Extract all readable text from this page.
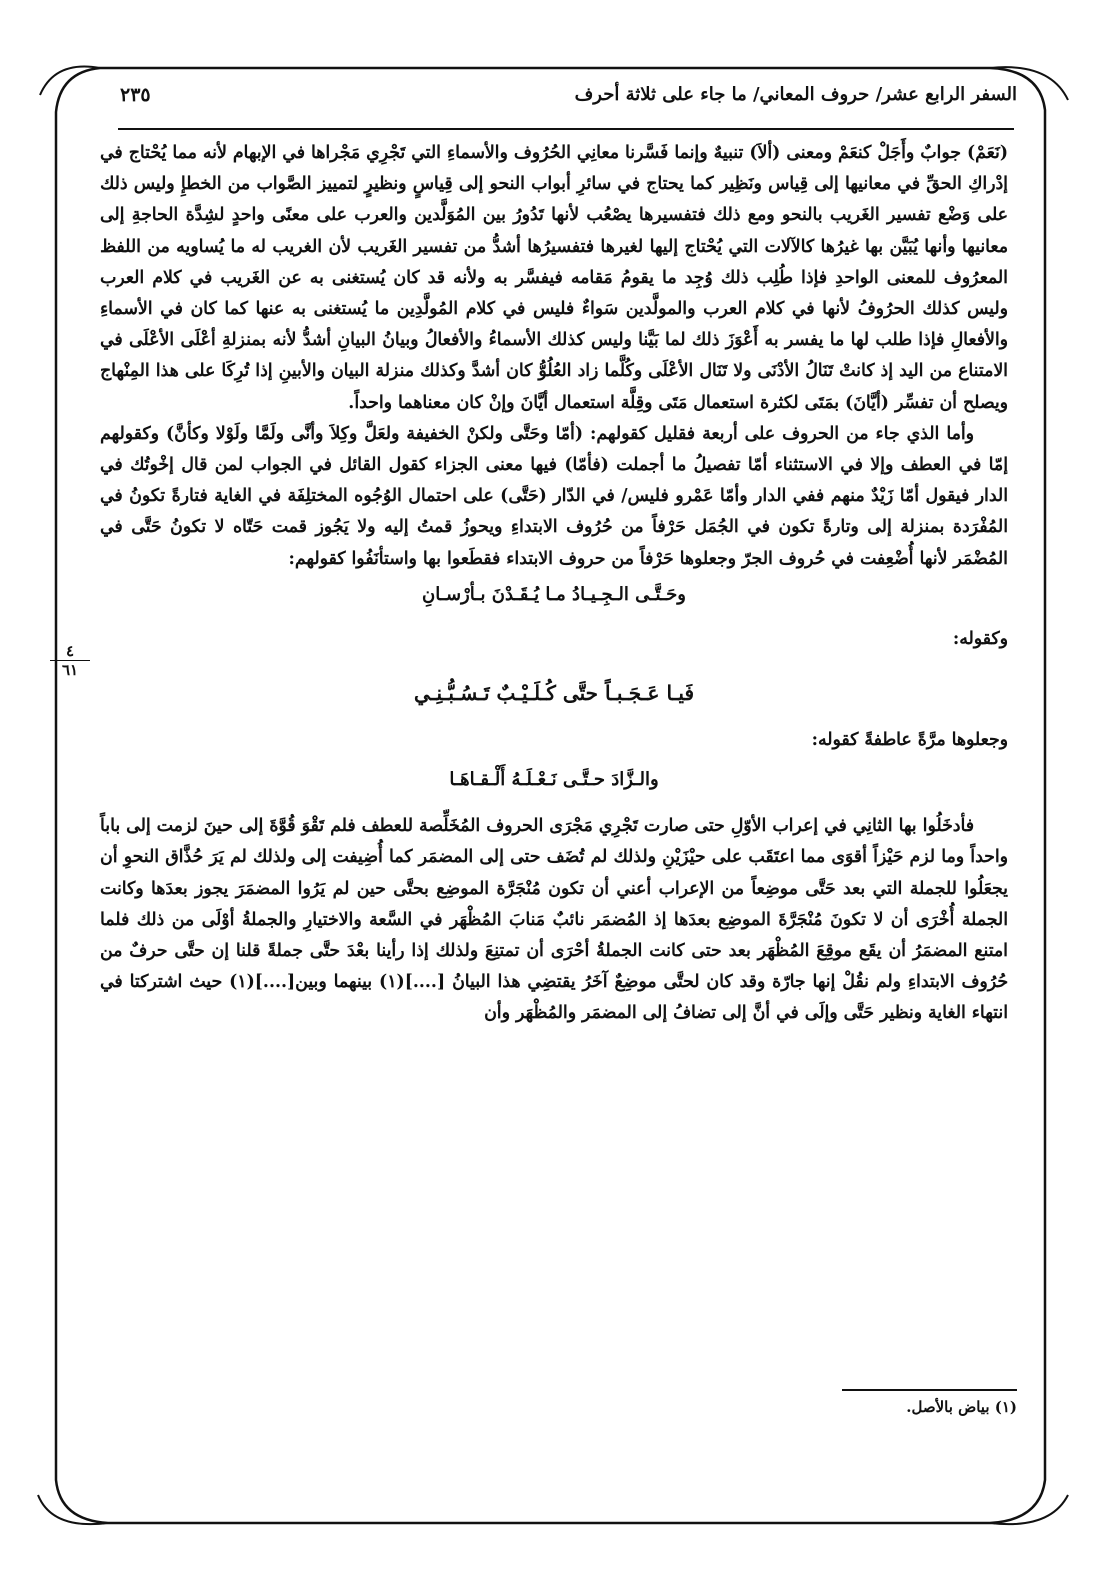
٢٣٥	السفر الرابع عشر/ حروف المعاني/ ما جاء على ثلاثة أحرف

(نَعَمْ) جوابٌ وأَجَلْ كنعَمْ ومعنى (ألاَ) تنبيهٌ وإنما فَسَّرنا معانِي الحُرُوف والأسماءِ التي تَجْرِي مَجْراها في الإبهام لأنه مما يُحْتاج في إدْراكِ الحقِّ في معانيها إلى قِياس ونَظِير كما يحتاج في سائرِ أبواب النحو إلى قِياسٍ ونظيرٍ لتمييز الصَّواب من الخطإِ وليس ذلك على وَضْع تفسير الغَريب بالنحو ومع ذلك فتفسيرها يصْعُب لأنها تَدُورُ بين المُوَلَّدين والعرب على معنًى واحدٍ لشِدَّة الحاجةِ إلى معانيها وأنها يُبَيَّن بها غيرُها كالآلات التي يُحْتاج إليها لغيرها فتفسيرُها أشدُّ من تفسير الغَريب لأن الغريب له ما يُساويه من اللفظ المعرُوف للمعنى الواحدِ فإذا طُلِب ذلك وُجِد ما يقومُ مَقامه فيفسَّر به ولأنه قد كان يُستغنى به عن الغَريب في كلام العرب وليس كذلك الحرُوفُ لأنها في كلام العرب والمولَّدين سَواءٌ فليس في كلام المُولَّدِين ما يُستغنى به عنها كما كان في الأسماءِ والأفعالِ فإذا طلب لها ما يفسر به أَعْوَزَ ذلك لما بَيَّنا وليس كذلك الأسماءُ والأفعالُ وبيانُ البيانِ أشدُّ لأنه بمنزلةِ أعْلَى الأعْلَى في الامتناع من اليد إذ كانتْ تَنَالُ الأدْنَى ولا تَنَال الأعْلَى وكُلَّما زاد العُلُوُّ كان أشدَّ وكذلك منزلة البيان والأبينِ إذا تُرِكَا على هذا المِنْهاج ويصلح أن تفسِّر (أيَّانَ) بمَتَى لكثرة استعمال مَتَى وقِلَّة استعمال أيَّانَ وإنْ كان معناهما واحداً.

وأما الذي جاء من الحروف على أربعة فقليل كقولهم: (أمّا وحَتَّى ولكنْ الخفيفة ولعَلَّ وكِلاَ وأنَّى ولَمَّا ولَوْلا وكأنَّ) وكقولهم إمّا في العطف وإلا في الاستثناء أمّا تفصيلُ ما أجملت (فأمّا) فيها معنى الجزاء كقول القائل في الجواب لمن قال إخْوتُك في الدار فيقول أمّا زَيْدٌ منهم ففي الدار وأمّا عَمْرو فليس/ في الدّار (حَتَّى) على احتمال الوُجُوه المختلِفَة في الغاية فتارةً تكونُ في المُفْرَدة بمنزلة إلى وتارةً تكون في الجُمَل حَرْفاً من حُرُوف الابتداءِ ويحوزُ قمتُ إليه ولا يَجُوز قمت حَتّاه لا تكونُ حَتَّى في المُضْمَر لأنها أُضْعِفت في حُروف الجرّ وجعلوها حَرْفاً من حروف الابتداء فقطَعوا بها واستأنَفُوا كقولهم:

وحَـتَّـى الـجِـيـادُ مـا يُـقَـدْنَ بـأرْسـانِ

وكقوله:

فَيـا عَـجَـبـاً حتَّى كُـلَـيْـبٌ تَـسُـبُّـنِـي

وجعلوها مرَّةً عاطفةً كقوله:

والـزَّادَ حـتَّـى نَـعْـلَـهُ أَلْـقـاهَـا

فأدخَلُوا بها الثانِي في إعراب الأوّلِ حتى صارت تَجْرِي مَجْرَى الحروف المُخَلِّصة للعطف فلم تَقْوَ قُوَّةَ إلى حينَ لزمت إلى باباً واحداً وما لزم حَيْزاً أقوَى مما اعتَقَب على حيْزَيْنِ ولذلك لم تُضَف حتى إلى المضمَر كما أُضِيفت إلى ولذلك لم يَرَ حُذَّاق النحوِ أن يجعَلُوا للجملة التي بعد حَتَّى موضِعاً من الإعراب أعني أن تكون مُنْجَرَّة الموضِع بحتَّى حين لم يَرُوا المضمَرَ يجوز بعدَها وكانت الجملة أُخْرَى أن لا تكونَ مُنْجَرَّةَ الموضِع بعدَها إذ المُضمَر نائبٌ مَنابَ المُظْهَر في السَّعة والاختيارِ والجملةُ أوْلَى من ذلك فلما امتنع المضمَرُ أن يقَع موقِعَ المُظْهَر بعد حتى كانت الجملةُ أحْرَى أن تمتنِعَ ولذلك إذا رأينا بعْدَ حتَّى جملةً قلنا إن حتَّى حرفٌ من حُرُوف الابتداءِ ولم نقُلْ إنها جارّة وقد كان لحتَّى موضِعٌ آخَرُ يقتضِي هذا البيانُ [....](١) بينهما وبين[....](١) حيث اشتركتا في انتهاء الغاية ونظير حَتَّى وإلَى في أنَّ إلى تضافُ إلى المضمَر والمُظْهَر وأن

٤
٦١
(١) بياض بالأصل.
